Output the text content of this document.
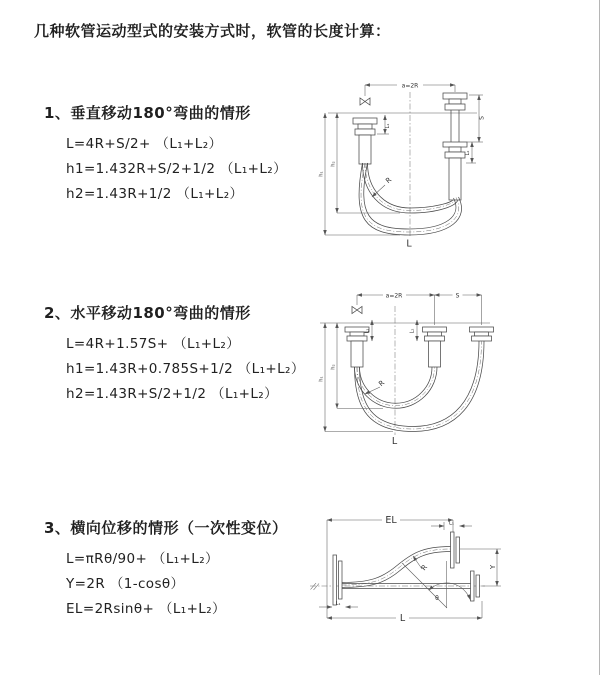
几种软管运动型式的安装方式时，软管的长度计算：
1、垂直移动180°弯曲的情形
L=4R+S/2+ （L₁+L₂）
h1=1.432R+S/2+1/2 （L₁+L₂）
h2=1.43R+1/2 （L₁+L₂）
2、水平移动180°弯曲的情形
L=4R+1.57S+ （L₁+L₂）
h1=1.43R+0.785S+1/2 （L₁+L₂）
h2=1.43R+S/2+1/2 （L₁+L₂）
3、横向位移的情形（一次性变位）
L=πRθ/90+ （L₁+L₂）
Y=2R （1-cosθ）
EL=2Rsinθ+ （L₁+L₂）
a=2R
L₁
S
L₂
h₁
h₂
R
L
a=2R	S
L₁	L₂
h₁
h₂
R
L
EL	L₁
L₁
Y
R
θ
L
